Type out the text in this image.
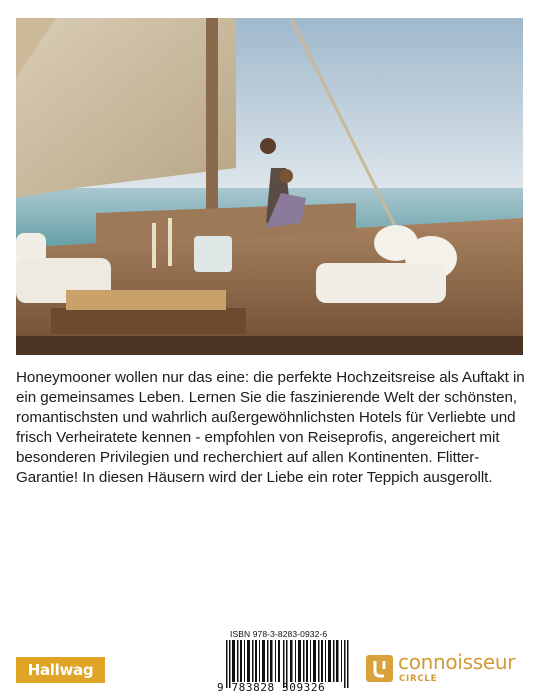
Honeymooner wollen nur das eine: die perfekte Hochzeitsreise als Auftakt in ein gemeinsames Leben. Lernen Sie die faszinierende Welt der schönsten, romantischsten und wahrlich außergewöhnlichsten Hotels für Verliebte und frisch Verheiratete kennen - empfohlen von Reiseprofis, angereichert mit besonderen Privilegien und recherchiert auf allen Kontinenten. Flitter-Garantie! In diesen Häusern wird der Liebe ein roter Teppich ausgerollt.
ISBN 978-3-8283-0932-6
9 783828 309326
Hallwag	connoisseur
CIRCLE
